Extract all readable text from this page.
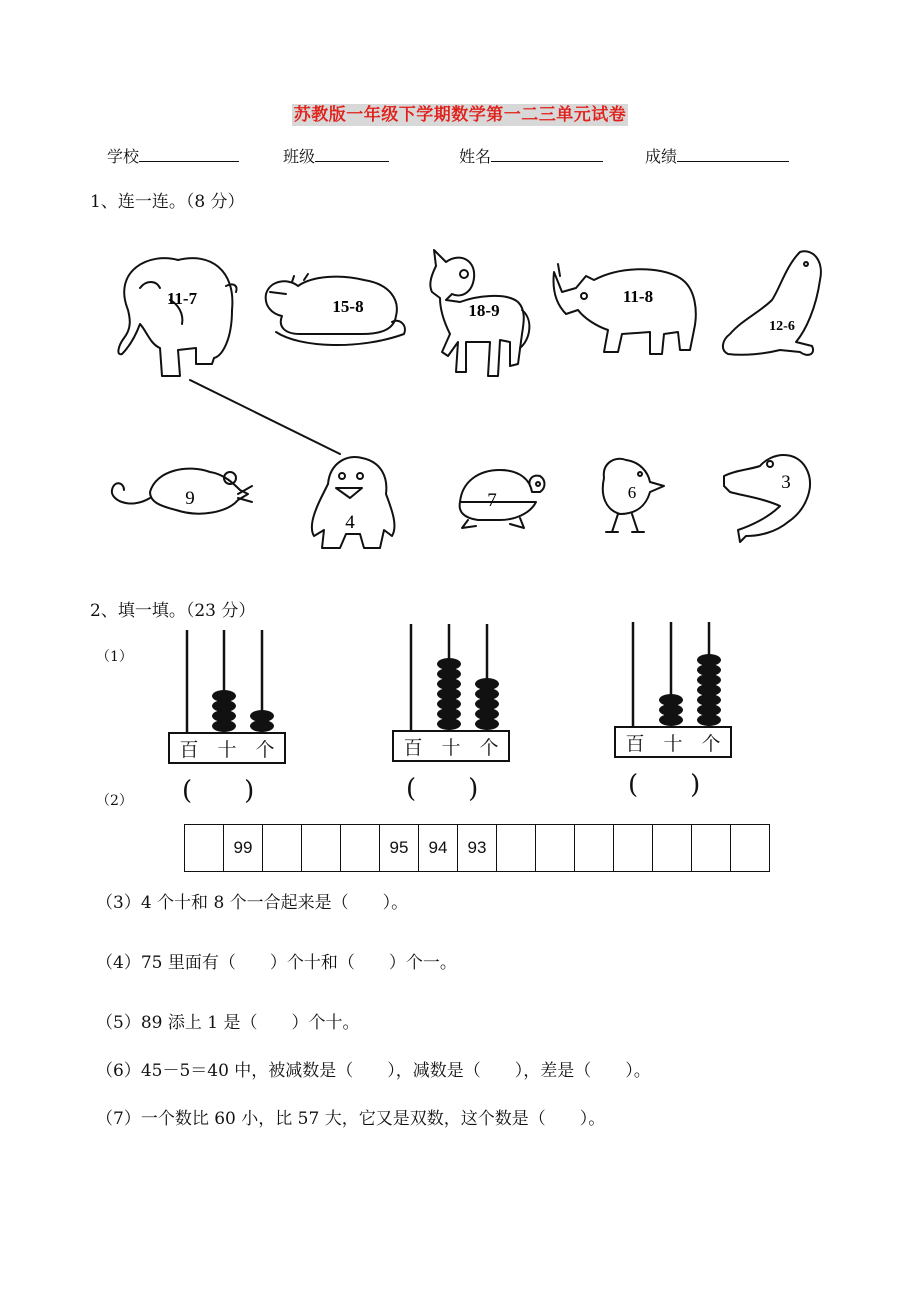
苏教版一年级下学期数学第一二三单元试卷
学校	班级	姓名	成绩
1、连一连。（8 分）
11-7	15-8	18-9
11-8
12-6
9
4
7	6	3
2、填一填。（23 分）
（1）
（2）
百 十 个
(　　)
百 十 个
(　　)
百 十 个
(　　)
	99				95	94	93							
（3）4 个十和 8 个一合起来是（　　）。
（4）75 里面有（　　）个十和（　　）个一。
（5）89 添上 1 是（　　）个十。
（6）45－5＝40 中，被减数是（　　），减数是（　　），差是（　　）。
（7）一个数比 60 小，比 57 大，它又是双数，这个数是（　　）。
